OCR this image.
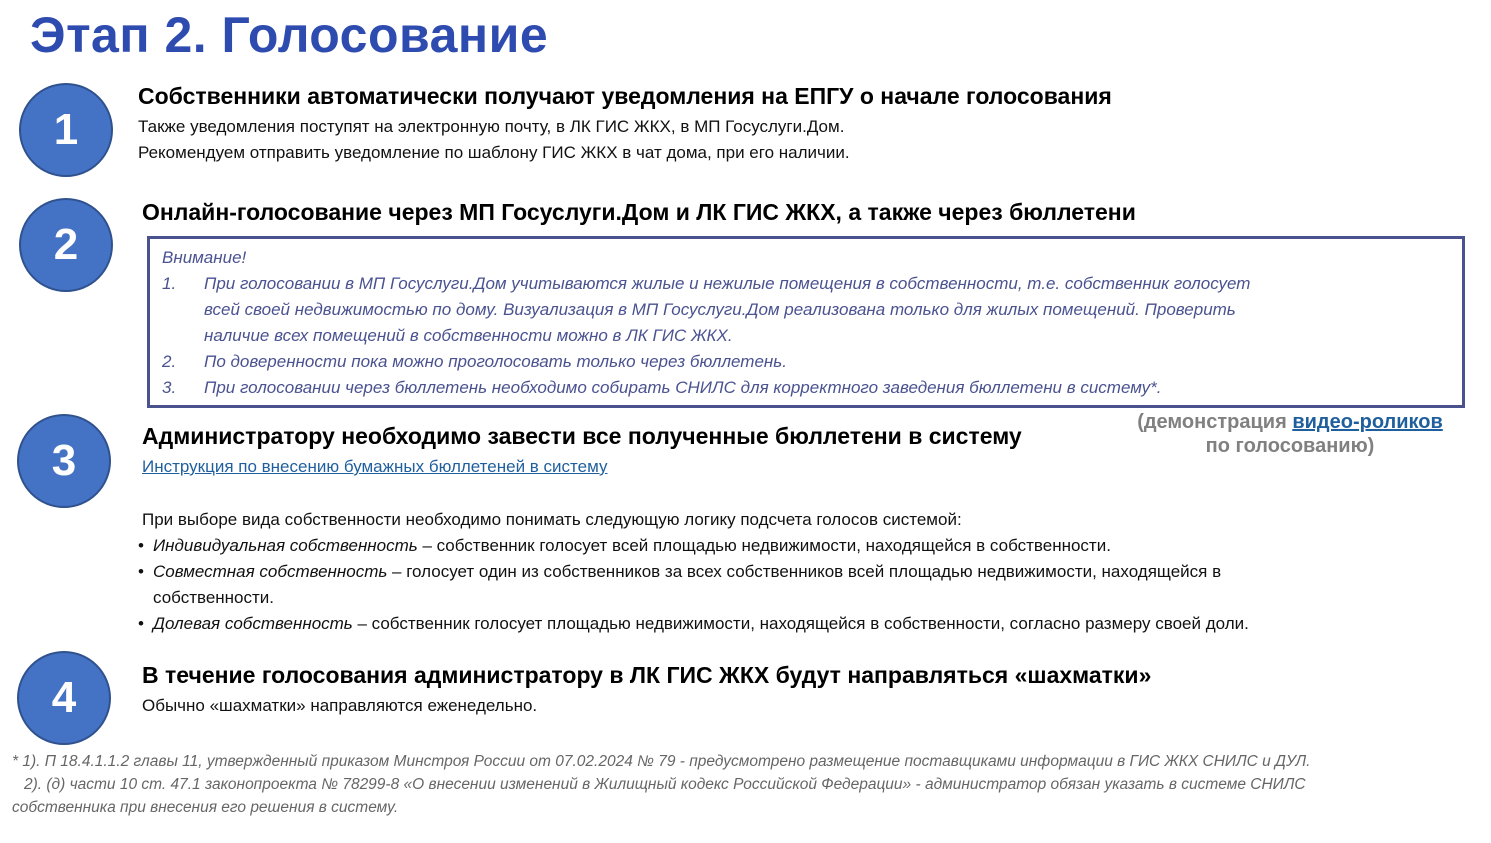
Этап 2. Голосование
1
Собственники автоматически получают уведомления на ЕПГУ о начале голосования
Также уведомления поступят на электронную почту, в ЛК ГИС ЖКХ, в МП Госуслуги.Дом.
Рекомендуем отправить уведомление по шаблону ГИС ЖКХ в чат дома, при его наличии.
2
Онлайн-голосование через МП Госуслуги.Дом и ЛК ГИС ЖКХ, а также через бюллетени
Внимание!
1. При голосовании в МП Госуслуги.Дом учитываются жилые и нежилые помещения в собственности, т.е. собственник голосует
всей своей недвижимостью по дому. Визуализация в МП Госуслуги.Дом реализована только для жилых помещений. Проверить
наличие всех помещений в собственности можно в ЛК ГИС ЖКХ.
2. По доверенности пока можно проголосовать только через бюллетень.
3. При голосовании через бюллетень необходимо собирать СНИЛС для корректного заведения бюллетени в систему*.
(демонстрация видео-роликов
по голосованию)
3	Администратору необходимо завести все полученные бюллетени в систему
Инструкция по внесению бумажных бюллетеней в систему
При выборе вида собственности необходимо понимать следующую логику подсчета голосов системой:
• Индивидуальная собственность – собственник голосует всей площадью недвижимости, находящейся в собственности.
• Совместная собственность – голосует один из собственников за всех собственников всей площадью недвижимости, находящейся в
собственности.
• Долевая собственность – собственник голосует площадью недвижимости, находящейся в собственности, согласно размеру своей доли.
4	В течение голосования администратору в ЛК ГИС ЖКХ будут направляться «шахматки»
Обычно «шахматки» направляются еженедельно.
* 1). П 18.4.1.1.2 главы 11, утвержденный приказом Минстроя России от 07.02.2024 № 79 - предусмотрено размещение поставщиками информации в ГИС ЖКХ СНИЛС и ДУЛ.
2). (д) части 10 ст. 47.1 законопроекта № 78299-8 «О внесении изменений в Жилищный кодекс Российской Федерации» - администратор обязан указать в системе СНИЛС
собственника при внесения его решения в систему.
